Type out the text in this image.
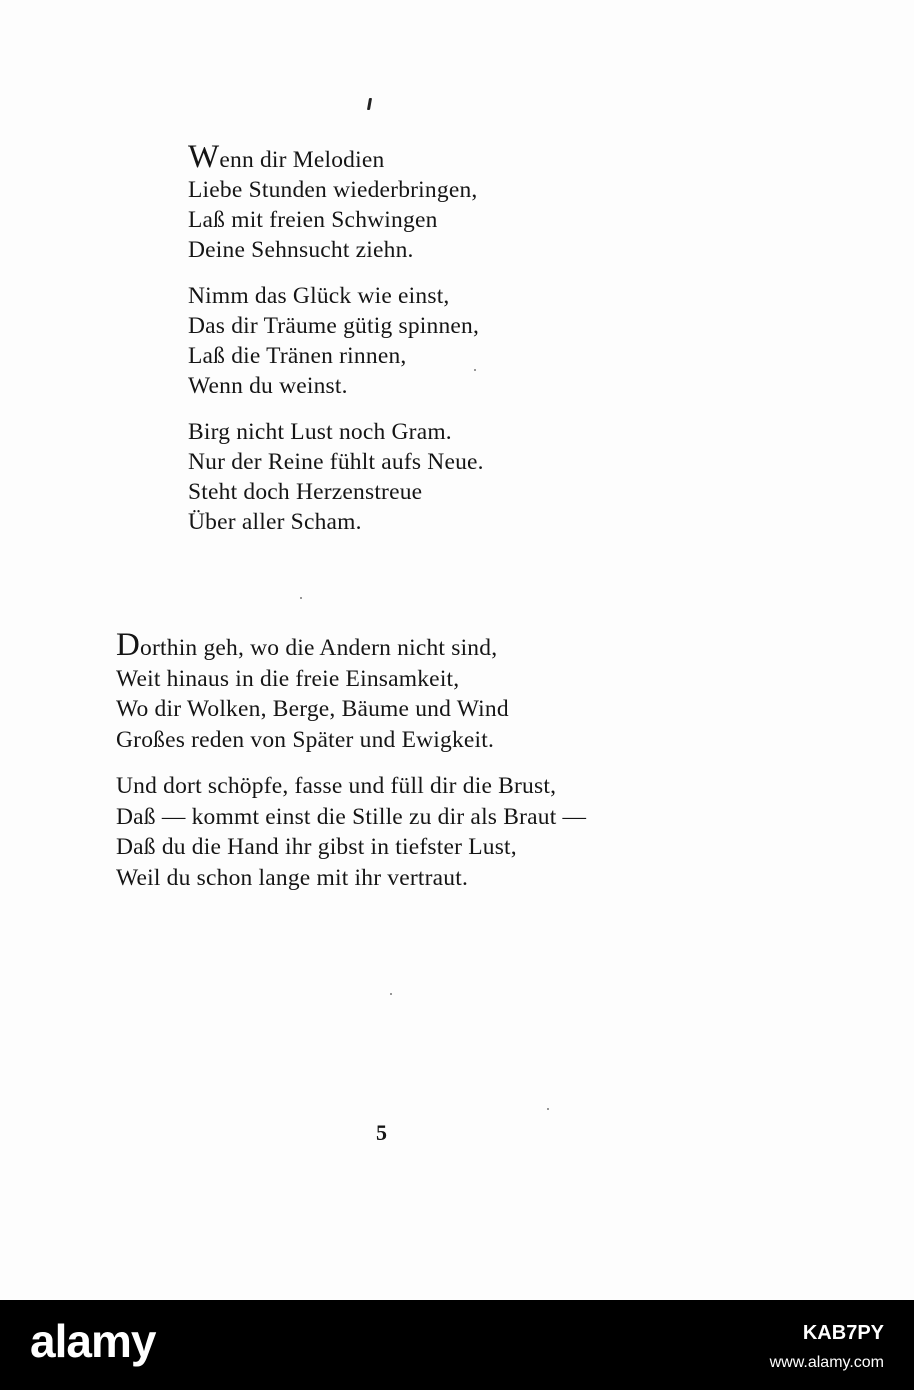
Wenn dir Melodien
Liebe Stunden wiederbringen,
Laß mit freien Schwingen
Deine Sehnsucht ziehn.

Nimm das Glück wie einst,
Das dir Träume gütig spinnen,
Laß die Tränen rinnen,
Wenn du weinst.

Birg nicht Lust noch Gram.
Nur der Reine fühlt aufs Neue.
Steht doch Herzenstreue
Über aller Scham.

Dorthin geh, wo die Andern nicht sind,
Weit hinaus in die freie Einsamkeit,
Wo dir Wolken, Berge, Bäume und Wind
Großes reden von Später und Ewigkeit.

Und dort schöpfe, fasse und füll dir die Brust,
Daß — kommt einst die Stille zu dir als Braut —
Daß du die Hand ihr gibst in tiefster Lust,
Weil du schon lange mit ihr vertraut.

5
alamy	KAB7PY
www.alamy.com
